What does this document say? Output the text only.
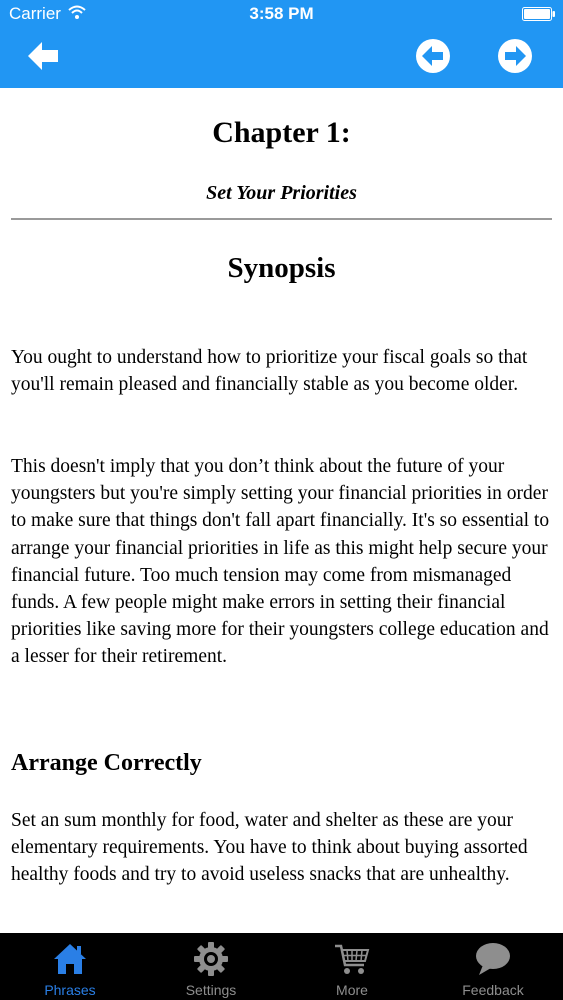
Carrier	3:58 PM
Chapter 1:
Set Your Priorities
Synopsis

You ought to understand how to prioritize your fiscal goals so that you'll remain pleased and financially stable as you become older.

This doesn't imply that you don’t think about the future of your youngsters but you're simply setting your financial priorities in order to make sure that things don't fall apart financially. It's so essential to arrange your financial priorities in life as this might help secure your financial future. Too much tension may come from mismanaged funds. A few people might make errors in setting their financial priorities like saving more for their youngsters college education and a lesser for their retirement.

Arrange Correctly

Set an sum monthly for food, water and shelter as these are your elementary requirements. You have to think about buying assorted healthy foods and try to avoid useless snacks that are unhealthy.

Phrases	Settings	More	Feedback
